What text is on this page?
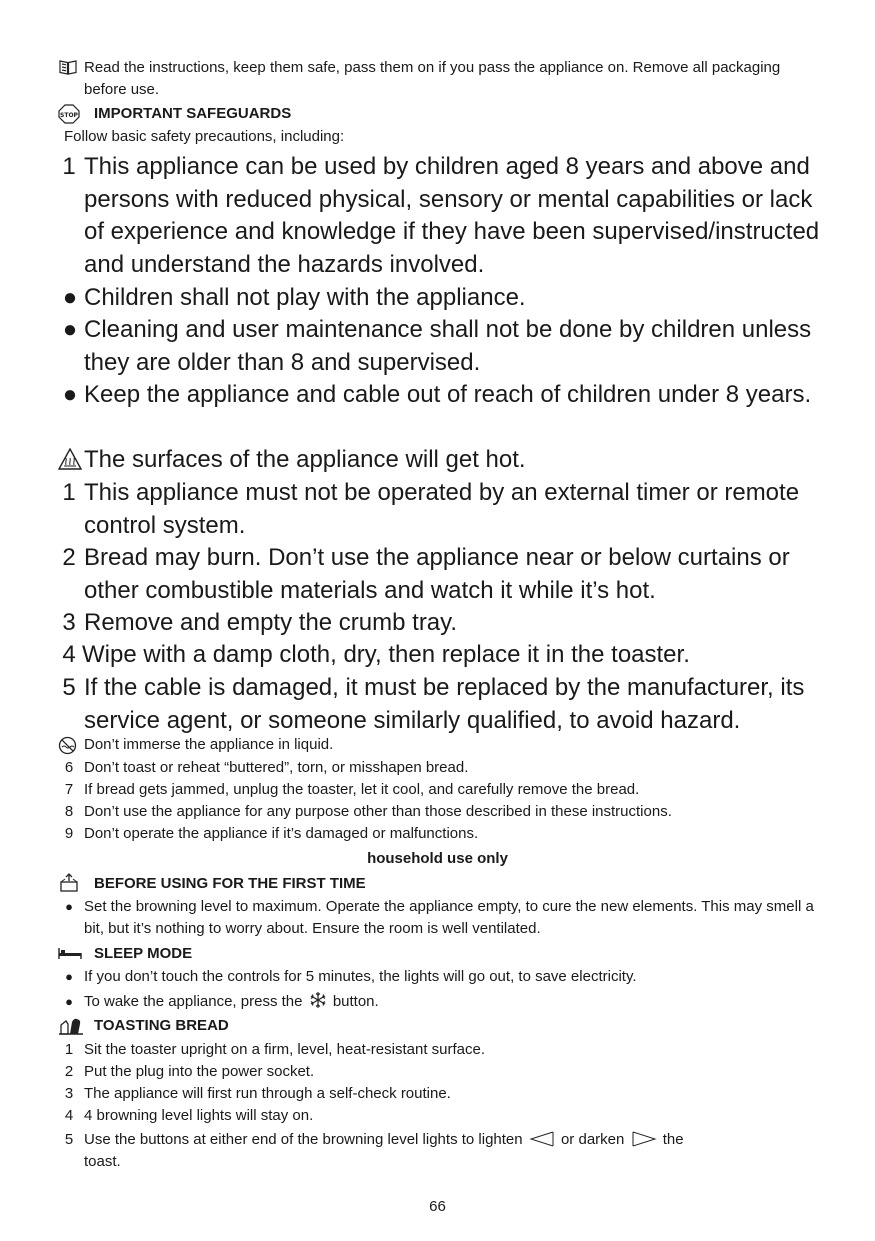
Read the instructions, keep them safe, pass them on if you pass the appliance on. Remove all packaging before use.
STOP IMPORTANT SAFEGUARDS
Follow basic safety precautions, including:
1 This appliance can be used by children aged 8 years and above and persons with reduced physical, sensory or mental capabilities or lack of experience and knowledge if they have been supervised/instructed and understand the hazards involved.
● Children shall not play with the appliance.
● Cleaning and user maintenance shall not be done by children unless they are older than 8 and supervised.
● Keep the appliance and cable out of reach of children under 8 years.
The surfaces of the appliance will get hot.
1 This appliance must not be operated by an external timer or remote control system.
2 Bread may burn. Don’t use the appliance near or below curtains or other combustible materials and watch it while it’s hot.
3 Remove and empty the crumb tray.
4 Wipe with a damp cloth, dry, then replace it in the toaster.
5 If the cable is damaged, it must be replaced by the manufacturer, its service agent, or someone similarly qualified, to avoid hazard.
Don’t immerse the appliance in liquid.
6 Don’t toast or reheat “buttered”, torn, or misshapen bread.
7 If bread gets jammed, unplug the toaster, let it cool, and carefully remove the bread.
8 Don’t use the appliance for any purpose other than those described in these instructions.
9 Don’t operate the appliance if it’s damaged or malfunctions.
household use only
BEFORE USING FOR THE FIRST TIME
● Set the browning level to maximum. Operate the appliance empty, to cure the new elements. This may smell a bit, but it’s nothing to worry about. Ensure the room is well ventilated.
SLEEP MODE
● If you don’t touch the controls for 5 minutes, the lights will go out, to save electricity.
● To wake the appliance, press the button.
TOASTING BREAD
1 Sit the toaster upright on a firm, level, heat-resistant surface.
2 Put the plug into the power socket.
3 The appliance will first run through a self-check routine.
4 4 browning level lights will stay on.
5 Use the buttons at either end of the browning level lights to lighten	or darken	the
toast.
66
